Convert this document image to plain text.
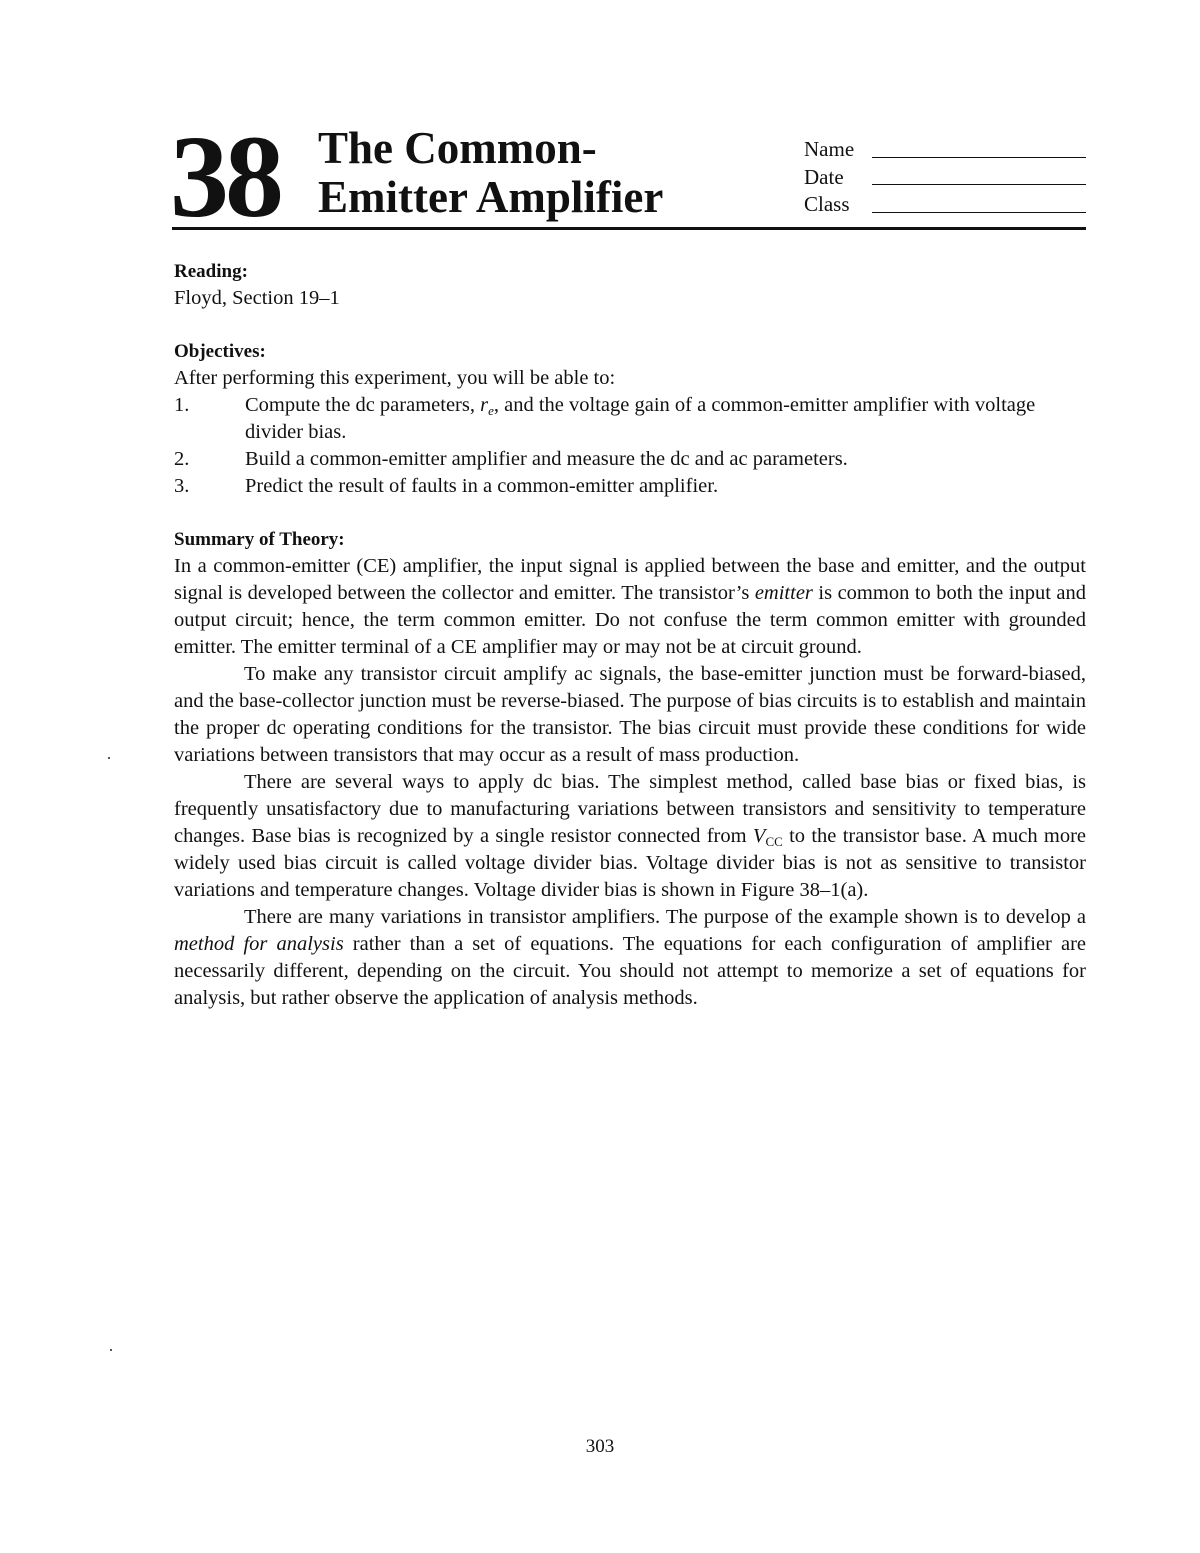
38 The Common-
Emitter Amplifier
Name
Date
Class

Reading:

Floyd, Section 19–1

Objectives:

After performing this experiment, you will be able to:

1.	Compute the dc parameters, $r_e$, and the voltage gain of a common-emitter amplifier with voltage divider bias.
2.	Build a common-emitter amplifier and measure the dc and ac parameters.
3.	Predict the result of faults in a common-emitter amplifier.

Summary of Theory:

In a common-emitter (CE) amplifier, the input signal is applied between the base and emitter, and the output signal is developed between the collector and emitter. The transistor’s emitter is common to both the input and output circuit; hence, the term common emitter. Do not confuse the term common emitter with grounded emitter. The emitter terminal of a CE amplifier may or may not be at circuit ground.

To make any transistor circuit amplify ac signals, the base-emitter junction must be forward-biased, and the base-collector junction must be reverse-biased. The purpose of bias circuits is to establish and maintain the proper dc operating conditions for the transistor. The bias circuit must provide these conditions for wide variations between transistors that may occur as a result of mass production.

There are several ways to apply dc bias. The simplest method, called base bias or fixed bias, is frequently unsatisfactory due to manufacturing variations between transistors and sensitivity to temperature changes. Base bias is recognized by a single resistor connected from $V_{CC}$ to the transistor base. A much more widely used bias circuit is called voltage divider bias. Voltage divider bias is not as sensitive to transistor variations and temperature changes. Voltage divider bias is shown in Figure 38–1(a).

There are many variations in transistor amplifiers. The purpose of the example shown is to develop a method for analysis rather than a set of equations. The equations for each configuration of amplifier are necessarily different, depending on the circuit. You should not attempt to memorize a set of equations for analysis, but rather observe the application of analysis methods.

303
